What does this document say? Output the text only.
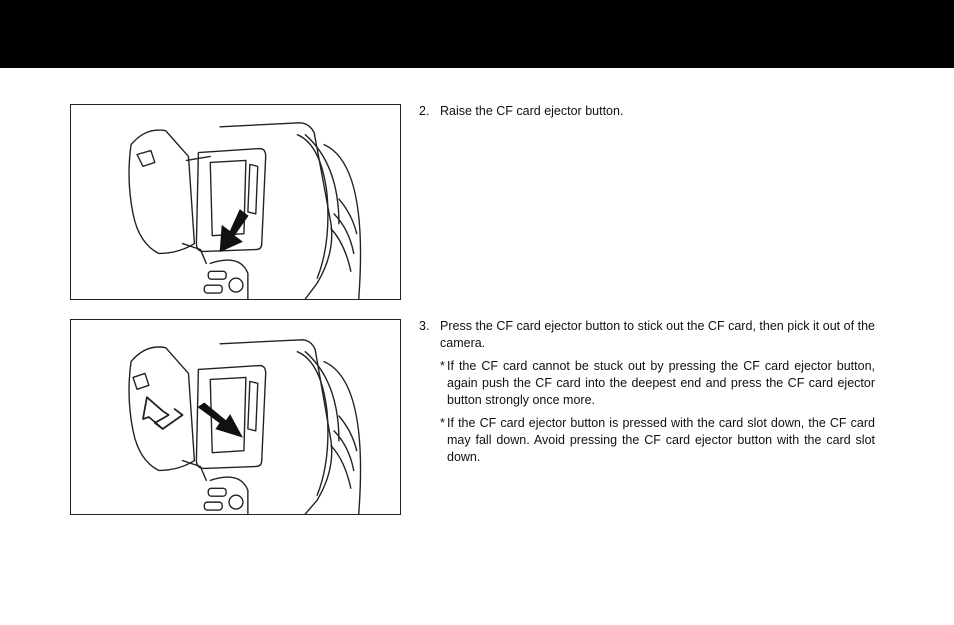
2. Raise the CF card ejector button.
3. Press the CF card ejector button to stick out the CF card, then pick it out of the camera.
* If the CF card cannot be stuck out by pressing the CF card ejector button, again push the CF card into the deepest end and press the CF card ejector button strongly once more.
* If the CF card ejector button is pressed with the card slot down, the CF card may fall down. Avoid pressing the CF card ejector button with the card slot down.
